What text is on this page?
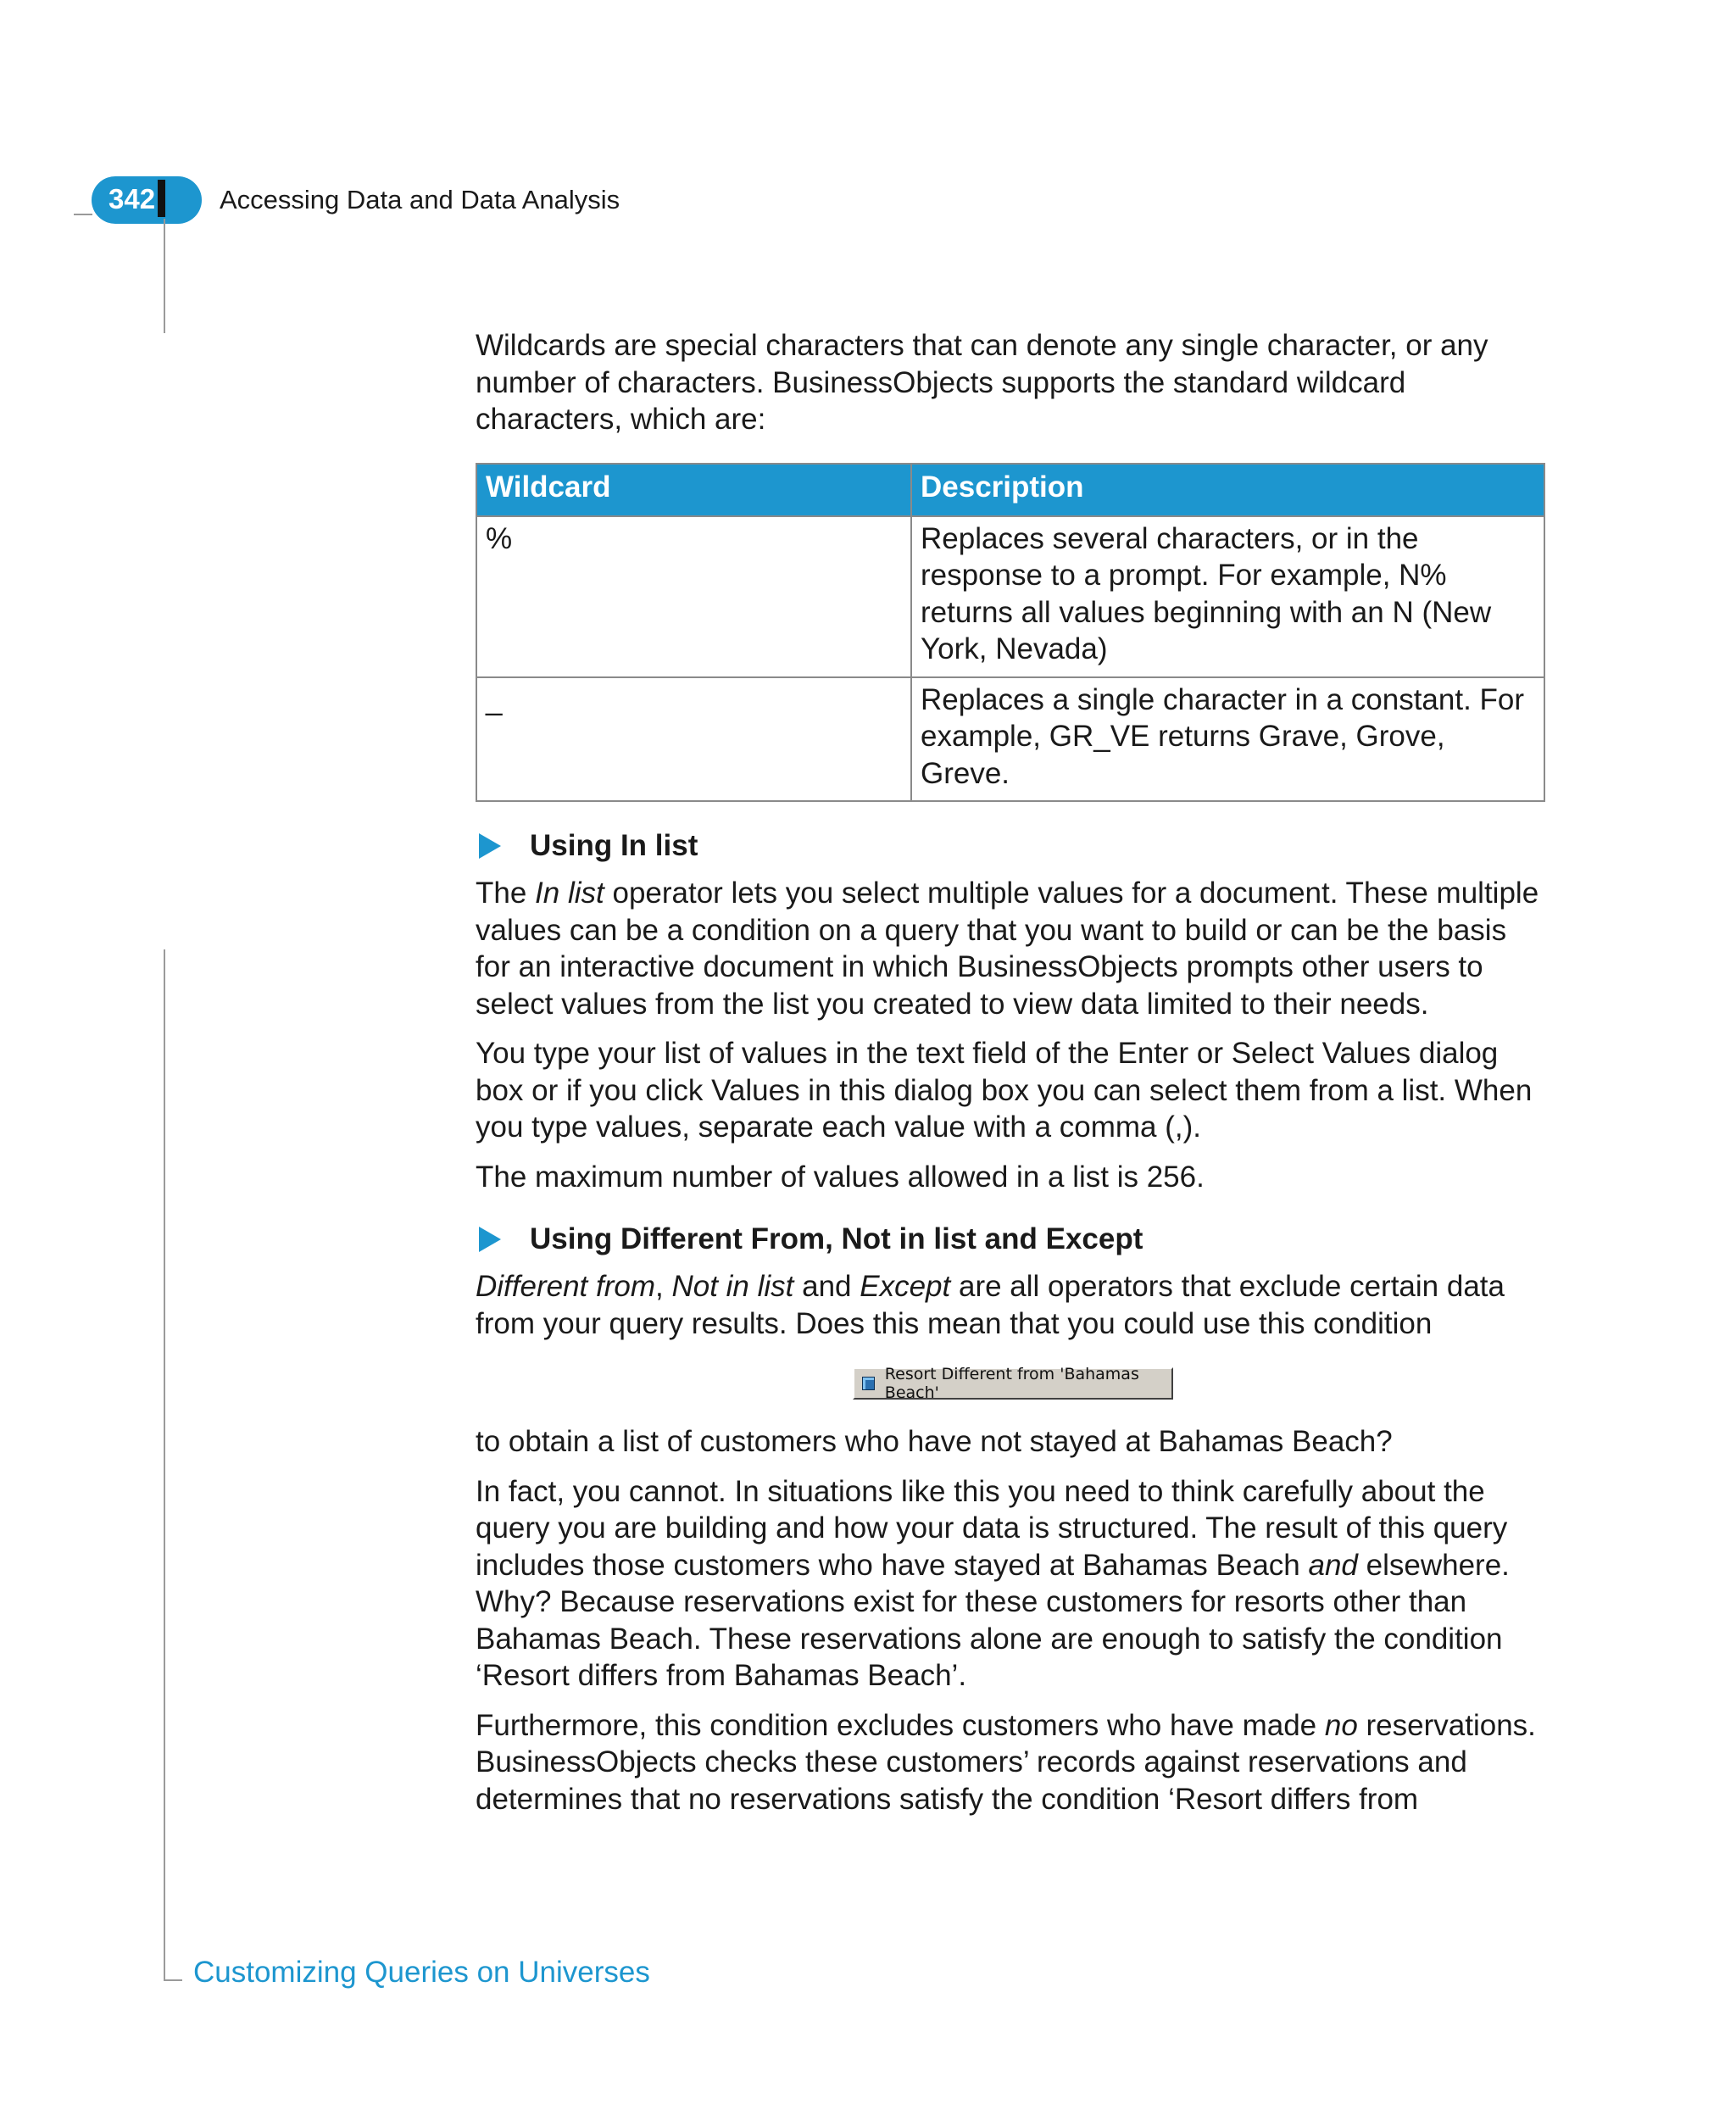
342 Accessing Data and Data Analysis

Wildcards are special characters that can denote any single character, or any number of characters. BusinessObjects supports the standard wildcard characters, which are:

Wildcard	Description
%	Replaces several characters, or in the response to a prompt. For example, N% returns all values beginning with an N (New York, Nevada)
_	Replaces a single character in a constant. For example, GR_VE returns Grave, Grove, Greve.
Using In list

The In list operator lets you select multiple values for a document. These multiple values can be a condition on a query that you want to build or can be the basis for an interactive document in which BusinessObjects prompts other users to select values from the list you created to view data limited to their needs.

You type your list of values in the text field of the Enter or Select Values dialog box or if you click Values in this dialog box you can select them from a list. When you type values, separate each value with a comma (,).

The maximum number of values allowed in a list is 256.

Using Different From, Not in list and Except

Different from, Not in list and Except are all operators that exclude certain data from your query results. Does this mean that you could use this condition

Resort Different from 'Bahamas Beach'

to obtain a list of customers who have not stayed at Bahamas Beach?

In fact, you cannot. In situations like this you need to think carefully about the query you are building and how your data is structured. The result of this query includes those customers who have stayed at Bahamas Beach and elsewhere. Why? Because reservations exist for these customers for resorts other than Bahamas Beach. These reservations alone are enough to satisfy the condition ‘Resort differs from Bahamas Beach’.

Furthermore, this condition excludes customers who have made no reservations. BusinessObjects checks these customers’ records against reservations and determines that no reservations satisfy the condition ‘Resort differs from

Customizing Queries on Universes
